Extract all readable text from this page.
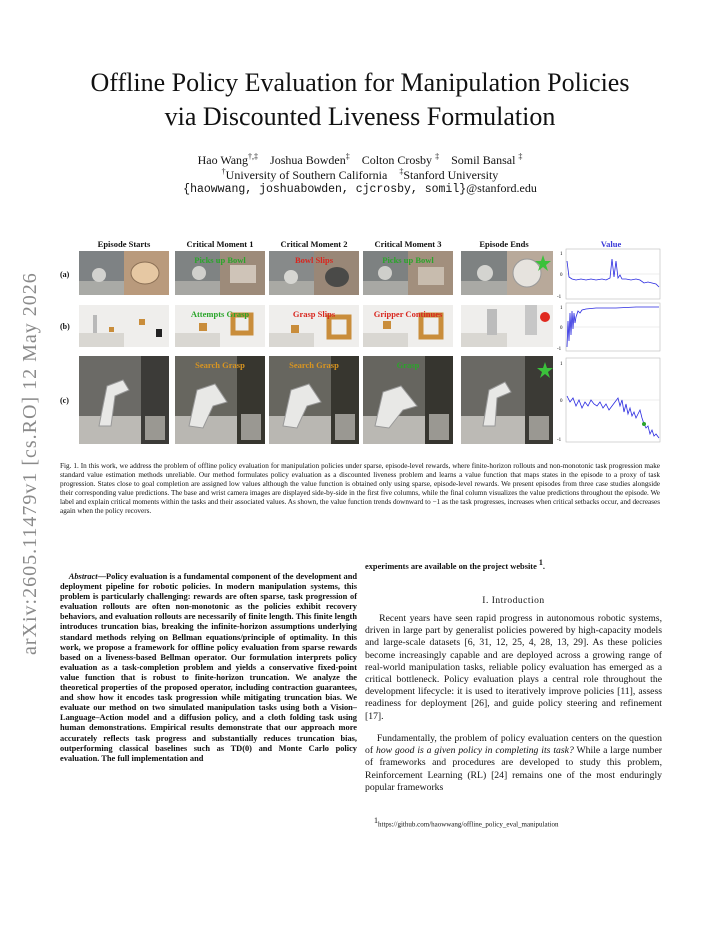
arXiv:2605.11479v1 [cs.RO] 12 May 2026
Offline Policy Evaluation for Manipulation Policies
via Discounted Liveness Formulation
Hao Wang†,‡ Joshua Bowden‡ Colton Crosby ‡ Somil Bansal ‡
†University of Southern California ‡Stanford University
{haowwang, joshuabowden, cjcrosby, somil}@stanford.edu
Episode Starts	Critical Moment 1	Critical Moment 2	Critical Moment 3	Episode Ends	Value
(a)
(b)
(c)
Picks up Bowl	Bowl Slips	Picks up Bowl
1
0
-1
Attempts Grasp	Grasp Slips	Gripper Continues
1
0
-1
Search Grasp	Search Grasp	Grasp	1
0
-1
Fig. 1. In this work, we address the problem of offline policy evaluation for manipulation policies under sparse, episode-level rewards, where finite-horizon rollouts and non-monotonic task progression make standard value estimation methods unreliable. Our method formulates policy evaluation as a discounted liveness problem and learns a value function that maps states in the episode to a proxy of task progression. States close to goal completion are assigned low values although the value function is obtained only using sparse, episode-level rewards. We present episodes from three case studies alongside their corresponding value predictions. The base and wrist camera images are displayed side-by-side in the first five columns, while the final column visualizes the value predictions throughout the episode. We label and explain critical moments within the tasks and their associated values. As shown, the value function trends downward to −1 as the task progresses, increases when critical setbacks occur, and decreases again when the policy recovers.
Abstract—Policy evaluation is a fundamental component of the development and deployment pipeline for robotic policies. In modern manipulation systems, this problem is particularly challenging: rewards are often sparse, task progression of evaluation rollouts are often non-monotonic as the policies exhibit recovery behaviors, and evaluation rollouts are necessarily of finite length. This finite length introduces truncation bias, breaking the infinite-horizon assumptions underlying standard methods relying on Bellman equations/principle of optimality. In this work, we propose a framework for offline policy evaluation from sparse rewards based on a liveness-based Bellman operator. Our formulation interprets policy evaluation as a task-completion problem and yields a conservative fixed-point value function that is robust to finite-horizon truncation. We analyze the theoretical properties of the proposed operator, including contraction guarantees, and show how it encodes task progression while mitigating truncation bias. We evaluate our method on two simulated manipulation tasks using both a Vision–Language–Action model and a diffusion policy, and a cloth folding task using human demonstrations. Empirical results demonstrate that our approach more accurately reflects task progress and substantially reduces truncation bias, outperforming classical baselines such as TD(0) and Monte Carlo policy evaluation. The full implementation and
experiments are available on the project website $^1$.
I. Introduction
Recent years have seen rapid progress in autonomous robotic systems, driven in large part by generalist policies powered by high-capacity models and large-scale datasets [6, 31, 12, 25, 4, 28, 13, 29]. As these policies become increasingly capable and are deployed across a growing range of real-world manipulation tasks, reliable policy evaluation has emerged as a critical bottleneck. Policy evaluation plays a central role throughout the development lifecycle: it is used to iteratively improve policies [11], assess readiness for deployment [26], and guide policy steering and refinement [17].
Fundamentally, the problem of policy evaluation centers on the question of how good is a given policy in completing its task? While a large number of frameworks and procedures are developed to study this problem, Reinforcement Learning (RL) [24] remains one of the most enduringly popular frameworks
$^1$https://github.com/haowwang/offline_policy_eval_manipulation
